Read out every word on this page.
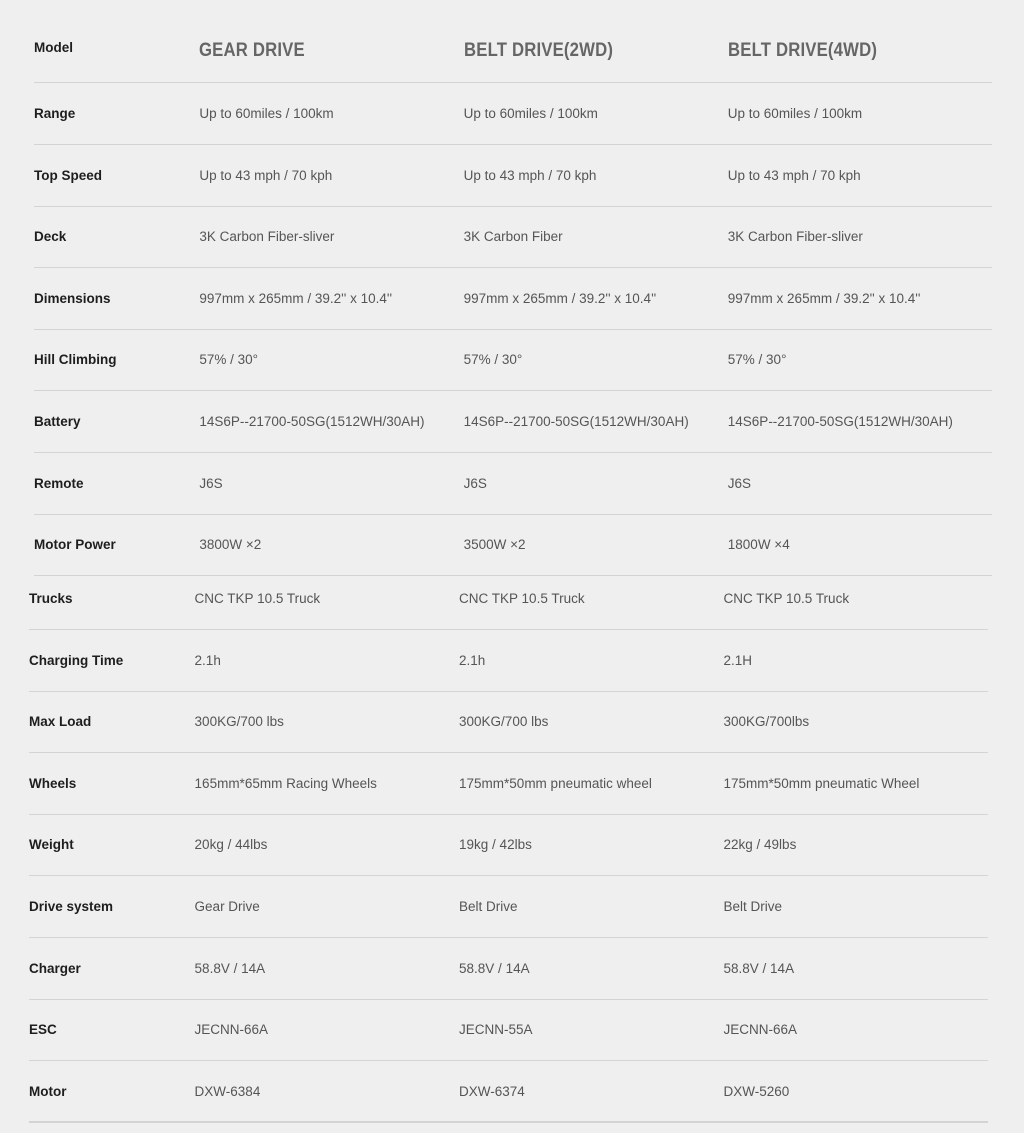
Model	GEAR DRIVE	BELT DRIVE(2WD)	BELT DRIVE(4WD)
Range	Up to 60miles / 100km	Up to 60miles / 100km	Up to 60miles / 100km
Top Speed	Up to 43 mph / 70 kph	Up to 43 mph / 70 kph	Up to 43 mph / 70 kph
Deck	3K Carbon Fiber-sliver	3K Carbon Fiber	3K Carbon Fiber-sliver
Dimensions	997mm x 265mm / 39.2'' x 10.4''	997mm x 265mm / 39.2'' x 10.4''	997mm x 265mm / 39.2'' x 10.4''
Hill Climbing	57% / 30°	57% / 30°	57% / 30°
Battery	14S6P--21700-50SG(1512WH/30AH)	14S6P--21700-50SG(1512WH/30AH)	14S6P--21700-50SG(1512WH/30AH)
Remote	J6S	J6S	J6S
Motor Power	3800W ×2	3500W ×2	1800W ×4
Trucks	CNC TKP 10.5 Truck	CNC TKP 10.5 Truck	CNC TKP 10.5 Truck
Charging Time	2.1h	2.1h	2.1H
Max Load	300KG/700 lbs	300KG/700 lbs	300KG/700lbs
Wheels	165mm*65mm Racing Wheels	175mm*50mm pneumatic wheel	175mm*50mm pneumatic Wheel
Weight	20kg / 44lbs	19kg / 42lbs	22kg / 49lbs
Drive system	Gear Drive	Belt Drive	Belt Drive
Charger	58.8V / 14A	58.8V / 14A	58.8V / 14A
ESC	JECNN-66A	JECNN-55A	JECNN-66A
Motor	DXW-6384	DXW-6374	DXW-5260
